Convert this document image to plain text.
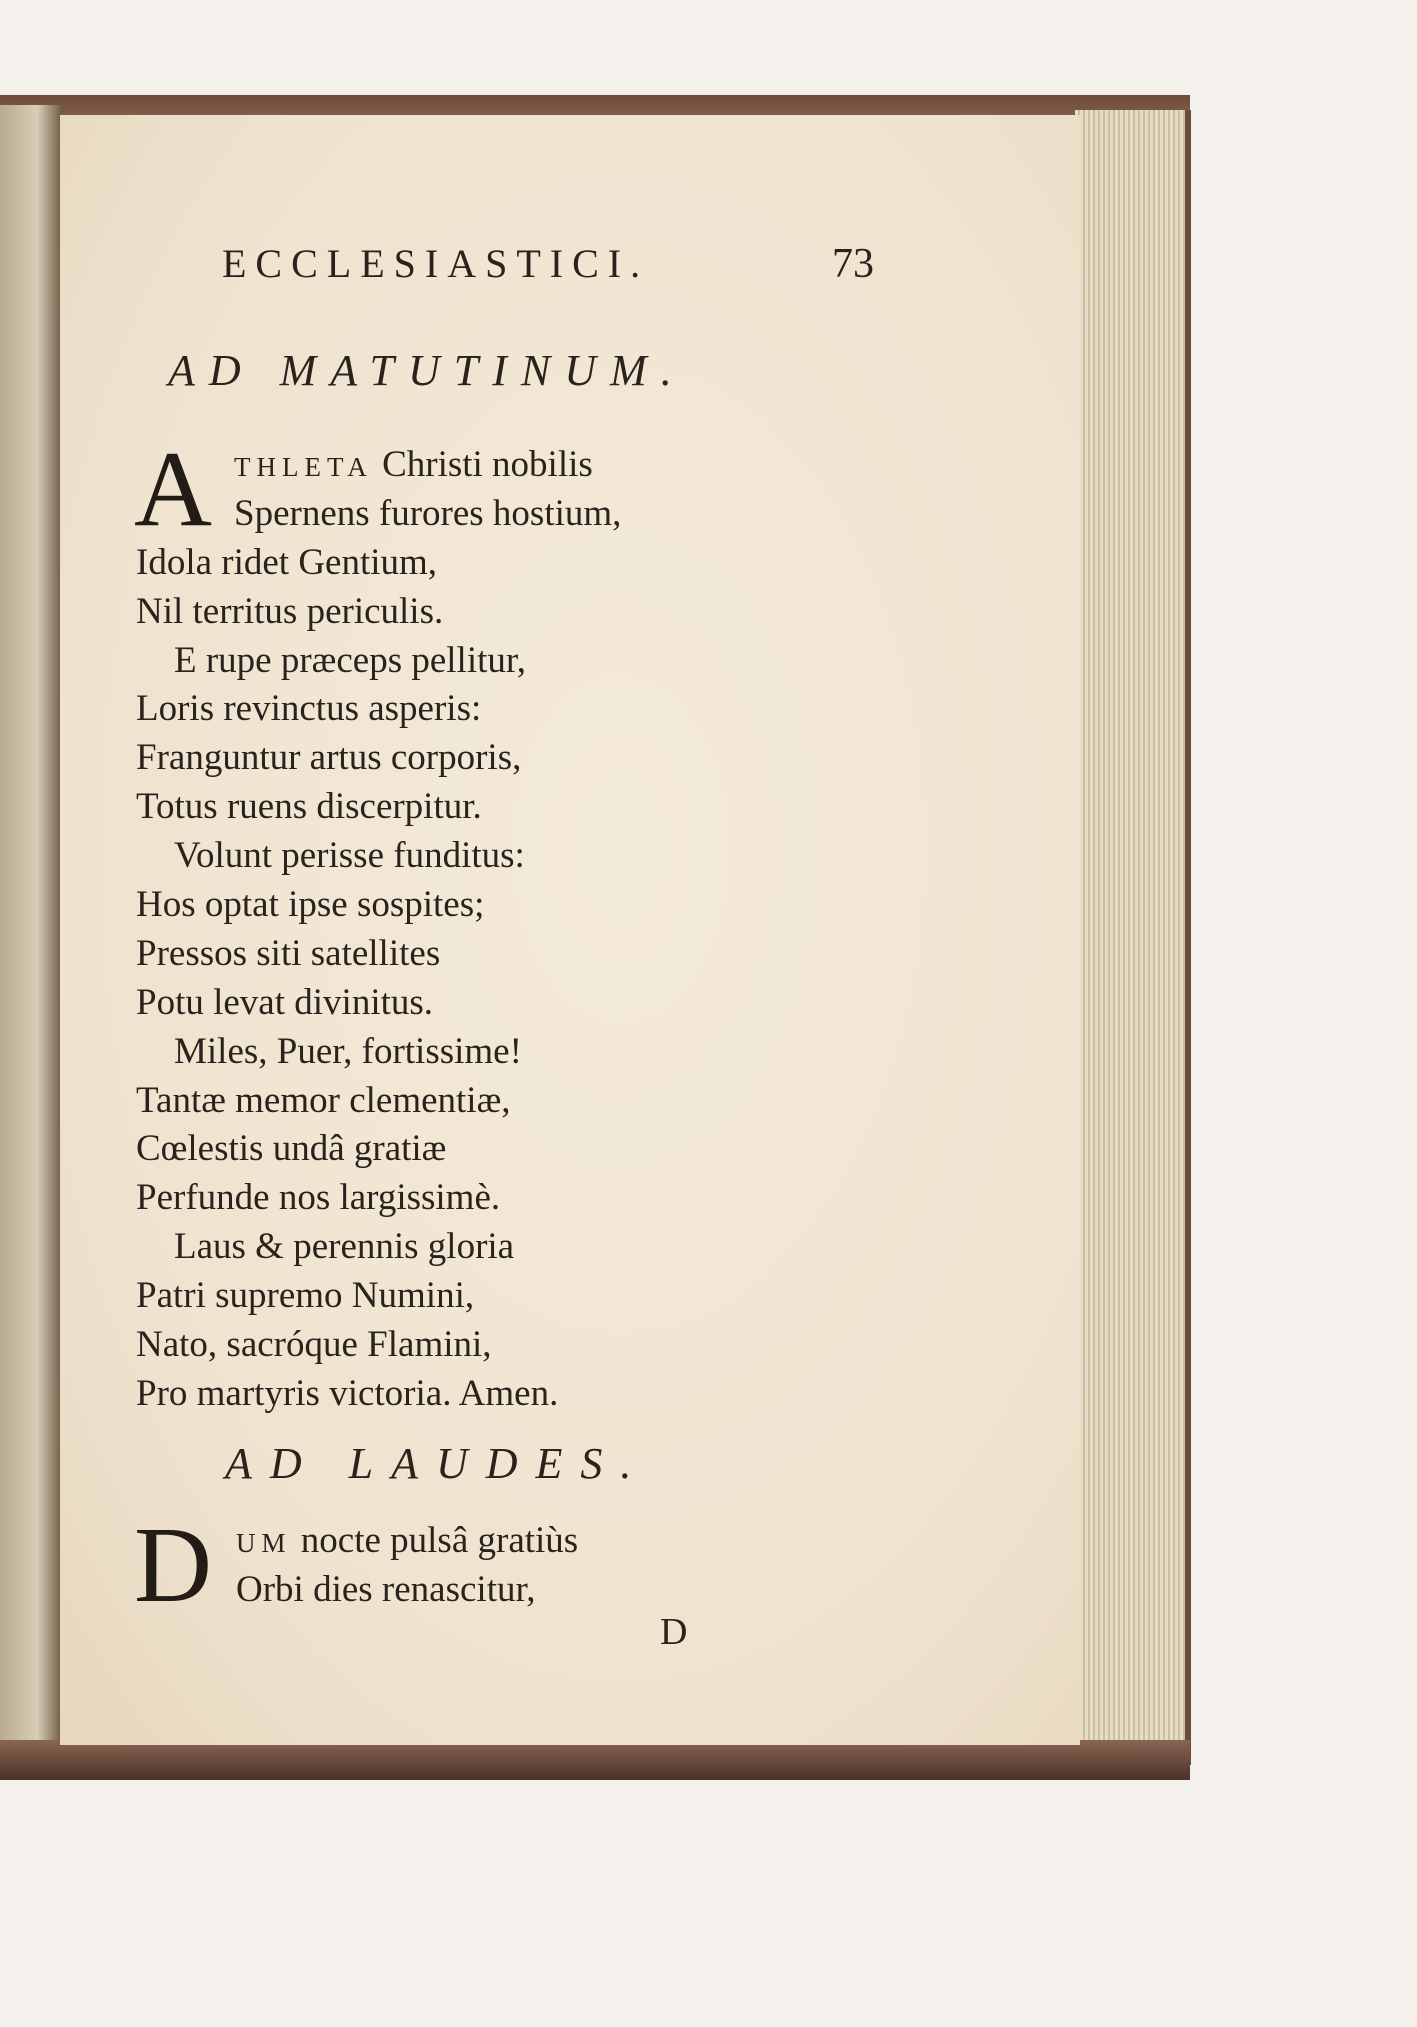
ECCLESIASTICI.	73
AD MATUTINUM.
A THLETA Christi nobilis
Spernens furores hostium,
Idola ridet Gentium,
Nil territus periculis.
E rupe præceps pellitur,
Loris revinctus asperis:
Franguntur artus corporis,
Totus ruens discerpitur.
Volunt perisse funditus:
Hos optat ipse sospites;
Pressos siti satellites
Potu levat divinitus.
Miles, Puer, fortissime!
Tantæ memor clementiæ,
Cœlestis undâ gratiæ
Perfunde nos largissimè.
Laus & perennis gloria
Patri supremo Numini,
Nato, sacróque Flamini,
Pro martyris victoria. Amen.
AD LAUDES.
D UM nocte pulsâ gratiùs
Orbi dies renascitur,
D
